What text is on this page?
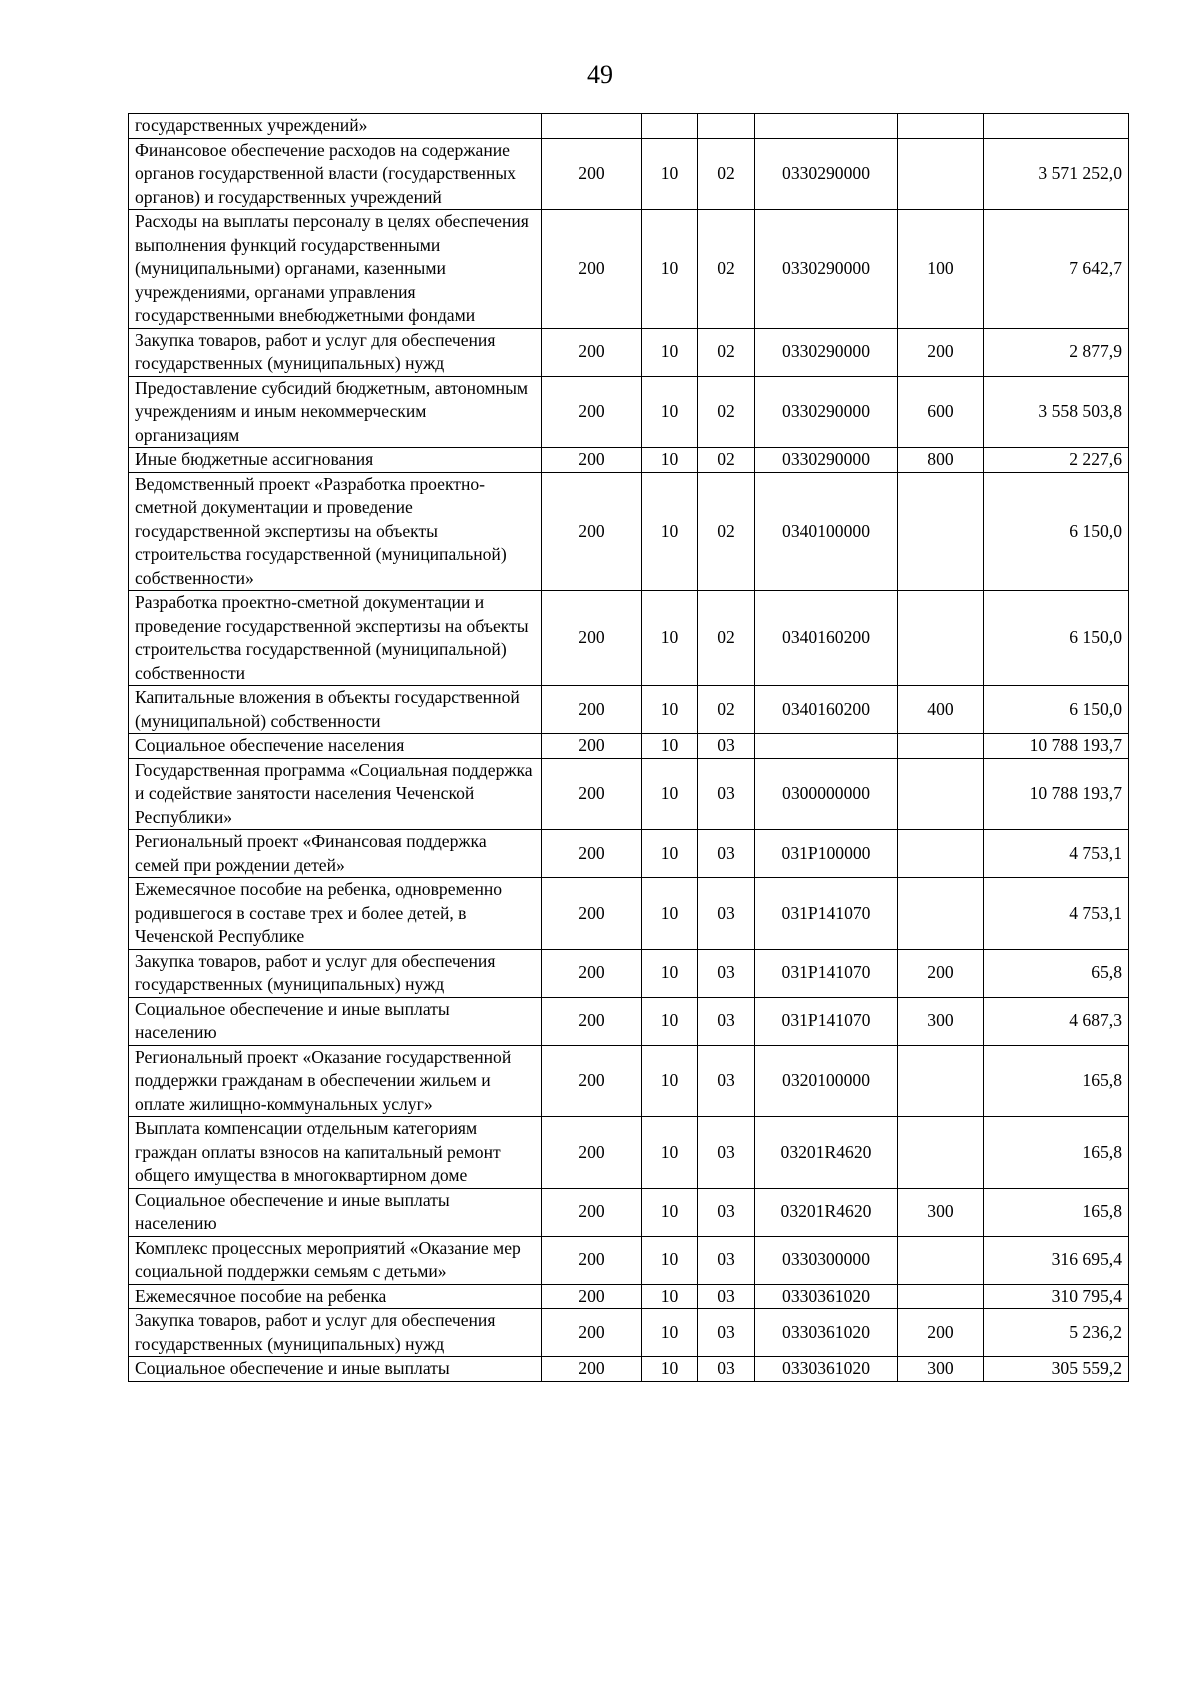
49
государственных учреждений»						
Финансовое обеспечение расходов на содержание органов государственной власти (государственных органов) и государственных учреждений	200	10	02	0330290000		3 571 252,0
Расходы на выплаты персоналу в целях обеспечения выполнения функций государственными (муниципальными) органами, казенными учреждениями, органами управления государственными внебюджетными фондами	200	10	02	0330290000	100	7 642,7
Закупка товаров, работ и услуг для обеспечения государственных (муниципальных) нужд	200	10	02	0330290000	200	2 877,9
Предоставление субсидий бюджетным, автономным учреждениям и иным некоммерческим организациям	200	10	02	0330290000	600	3 558 503,8
Иные бюджетные ассигнования	200	10	02	0330290000	800	2 227,6
Ведомственный проект «Разработка проектно-сметной документации и проведение государственной экспертизы на объекты строительства государственной (муниципальной) собственности»	200	10	02	0340100000		6 150,0
Разработка проектно-сметной документации и проведение государственной экспертизы на объекты строительства государственной (муниципальной) собственности	200	10	02	0340160200		6 150,0
Капитальные вложения в объекты государственной (муниципальной) собственности	200	10	02	0340160200	400	6 150,0
Социальное обеспечение населения	200	10	03			10 788 193,7
Государственная программа «Социальная поддержка и содействие занятости населения Чеченской Республики»	200	10	03	0300000000		10 788 193,7
Региональный проект «Финансовая поддержка семей при рождении детей»	200	10	03	031P100000		4 753,1
Ежемесячное пособие на ребенка, одновременно родившегося в составе трех и более детей, в Чеченской Республике	200	10	03	031P141070		4 753,1
Закупка товаров, работ и услуг для обеспечения государственных (муниципальных) нужд	200	10	03	031P141070	200	65,8
Социальное обеспечение и иные выплаты населению	200	10	03	031P141070	300	4 687,3
Региональный проект «Оказание государственной поддержки гражданам в обеспечении жильем и оплате жилищно-коммунальных услуг»	200	10	03	0320100000		165,8
Выплата компенсации отдельным категориям граждан оплаты взносов на капитальный ремонт общего имущества в многоквартирном доме	200	10	03	03201R4620		165,8
Социальное обеспечение и иные выплаты населению	200	10	03	03201R4620	300	165,8
Комплекс процессных мероприятий «Оказание мер социальной поддержки семьям с детьми»	200	10	03	0330300000		316 695,4
Ежемесячное пособие на ребенка	200	10	03	0330361020		310 795,4
Закупка товаров, работ и услуг для обеспечения государственных (муниципальных) нужд	200	10	03	0330361020	200	5 236,2
Социальное обеспечение и иные выплаты	200	10	03	0330361020	300	305 559,2
